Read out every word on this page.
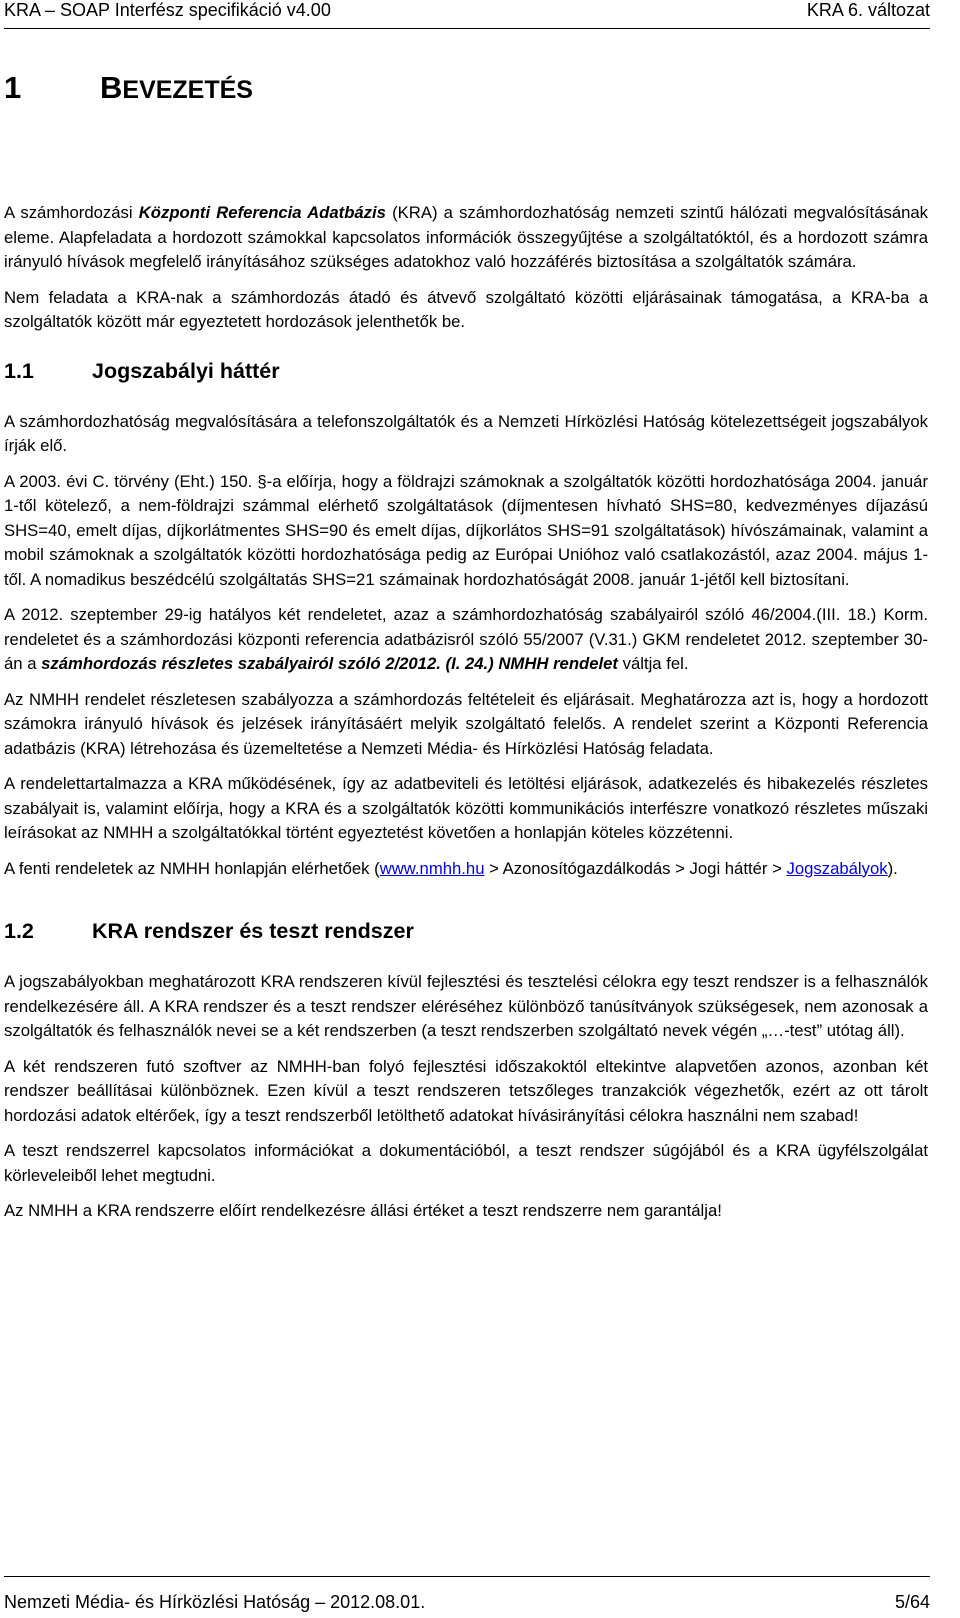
KRA – SOAP Interfész specifikáció v4.00	KRA 6. változat
1	BEVEZETÉS

A számhordozási Központi Referencia Adatbázis (KRA) a számhordozhatóság nemzeti szintű hálózati megvalósításának eleme. Alapfeladata a hordozott számokkal kapcsolatos információk összegyűjtése a szolgáltatóktól, és a hordozott számra irányuló hívások megfelelő irányításához szükséges adatokhoz való hozzáférés biztosítása a szolgáltatók számára.

Nem feladata a KRA-nak a számhordozás átadó és átvevő szolgáltató közötti eljárásainak támogatása, a KRA-ba a szolgáltatók között már egyeztetett hordozások jelenthetők be.

1.1	Jogszabályi háttér

A számhordozhatóság megvalósítására a telefonszolgáltatók és a Nemzeti Hírközlési Hatóság kötelezettségeit jogszabályok írják elő.

A 2003. évi C. törvény (Eht.) 150. §-a előírja, hogy a földrajzi számoknak a szolgáltatók közötti hordozhatósága 2004. január 1-től kötelező, a nem-földrajzi számmal elérhető szolgáltatások (díjmentesen hívható SHS=80, kedvezményes díjazású SHS=40, emelt díjas, díjkorlátmentes SHS=90 és emelt díjas, díjkorlátos SHS=91 szolgáltatások) hívószámainak, valamint a mobil számoknak a szolgáltatók közötti hordozhatósága pedig az Európai Unióhoz való csatlakozástól, azaz 2004. május 1-től. A nomadikus beszédcélú szolgáltatás SHS=21 számainak hordozhatóságát 2008. január 1-jétől kell biztosítani.

A 2012. szeptember 29-ig hatályos két rendeletet, azaz a számhordozhatóság szabályairól szóló 46/2004.(III. 18.) Korm. rendeletet és a számhordozási központi referencia adatbázisról szóló 55/2007 (V.31.) GKM rendeletet 2012. szeptember 30-án a számhordozás részletes szabályairól szóló 2/2012. (I. 24.) NMHH rendelet váltja fel.

Az NMHH rendelet részletesen szabályozza a számhordozás feltételeit és eljárásait. Meghatározza azt is, hogy a hordozott számokra irányuló hívások és jelzések irányításáért melyik szolgáltató felelős. A rendelet szerint a Központi Referencia adatbázis (KRA) létrehozása és üzemeltetése a Nemzeti Média- és Hírközlési Hatóság feladata.

A rendelettartalmazza a KRA működésének, így az adatbeviteli és letöltési eljárások, adatkezelés és hibakezelés részletes szabályait is, valamint előírja, hogy a KRA és a szolgáltatók közötti kommunikációs interfészre vonatkozó részletes műszaki leírásokat az NMHH a szolgáltatókkal történt egyeztetést követően a honlapján köteles közzétenni.

A fenti rendeletek az NMHH honlapján elérhetőek (www.nmhh.hu > Azonosítógazdálkodás > Jogi háttér > Jogszabályok).

1.2	KRA rendszer és teszt rendszer

A jogszabályokban meghatározott KRA rendszeren kívül fejlesztési és tesztelési célokra egy teszt rendszer is a felhasználók rendelkezésére áll. A KRA rendszer és a teszt rendszer eléréséhez különböző tanúsítványok szükségesek, nem azonosak a szolgáltatók és felhasználók nevei se a két rendszerben (a teszt rendszerben szolgáltató nevek végén „…-test” utótag áll).

A két rendszeren futó szoftver az NMHH-ban folyó fejlesztési időszakoktól eltekintve alapvetően azonos, azonban két rendszer beállításai különböznek. Ezen kívül a teszt rendszeren tetszőleges tranzakciók végezhetők, ezért az ott tárolt hordozási adatok eltérőek, így a teszt rendszerből letölthető adatokat hívásirányítási célokra használni nem szabad!

A teszt rendszerrel kapcsolatos információkat a dokumentációból, a teszt rendszer súgójából és a KRA ügyfélszolgálat körleveleiből lehet megtudni.

Az NMHH a KRA rendszerre előírt rendelkezésre állási értéket a teszt rendszerre nem garantálja!

Nemzeti Média- és Hírközlési Hatóság – 2012.08.01.	5/64
